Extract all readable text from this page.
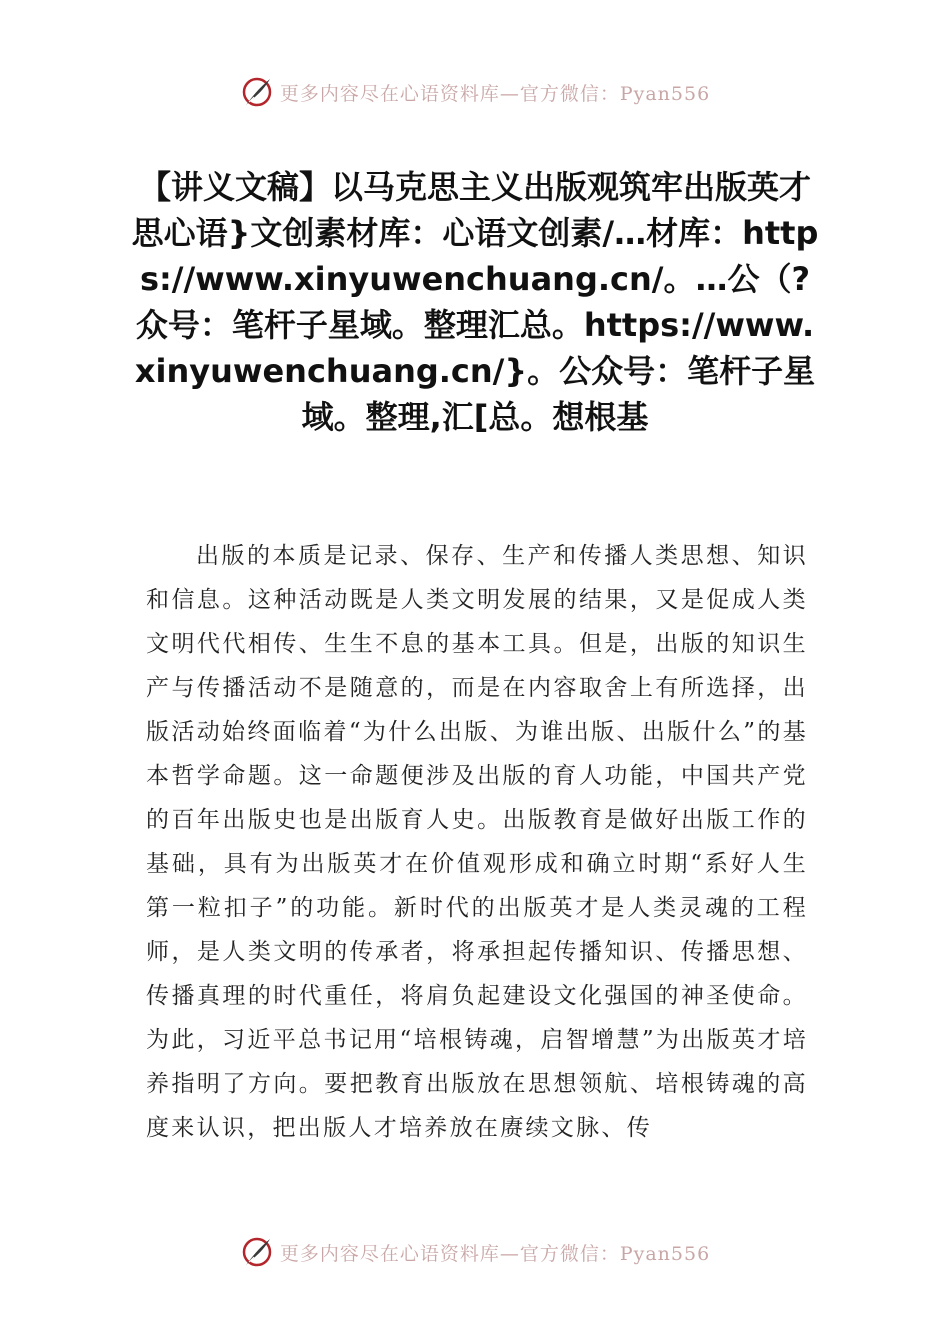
更多内容尽在心语资料库—官方微信：Pyan556
【讲义文稿】以马克思主义出版观筑牢出版英才思心语}文创素材库：心语文创素/…材库：https://www.xinyuwenchuang.cn/。…公（?众号：笔杆子星域。整理汇总。https://www.xinyuwenchuang.cn/}。公众号：笔杆子星域。整理,汇[总。想根基

出版的本质是记录、保存、生产和传播人类思想、知识和信息。这种活动既是人类文明发展的结果，又是促成人类文明代代相传、生生不息的基本工具。但是，出版的知识生产与传播活动不是随意的，而是在内容取舍上有所选择，出版活动始终面临着“为什么出版、为谁出版、出版什么”的基本哲学命题。这一命题便涉及出版的育人功能，中国共产党的百年出版史也是出版育人史。出版教育是做好出版工作的基础，具有为出版英才在价值观形成和确立时期“系好人生第一粒扣子”的功能。新时代的出版英才是人类灵魂的工程师，是人类文明的传承者，将承担起传播知识、传播思想、传播真理的时代重任，将肩负起建设文化强国的神圣使命。为此，习近平总书记用“培根铸魂，启智增慧”为出版英才培养指明了方向。要把教育出版放在思想领航、培根铸魂的高度来认识，把出版人才培养放在赓续文脉、传

更多内容尽在心语资料库—官方微信：Pyan556
